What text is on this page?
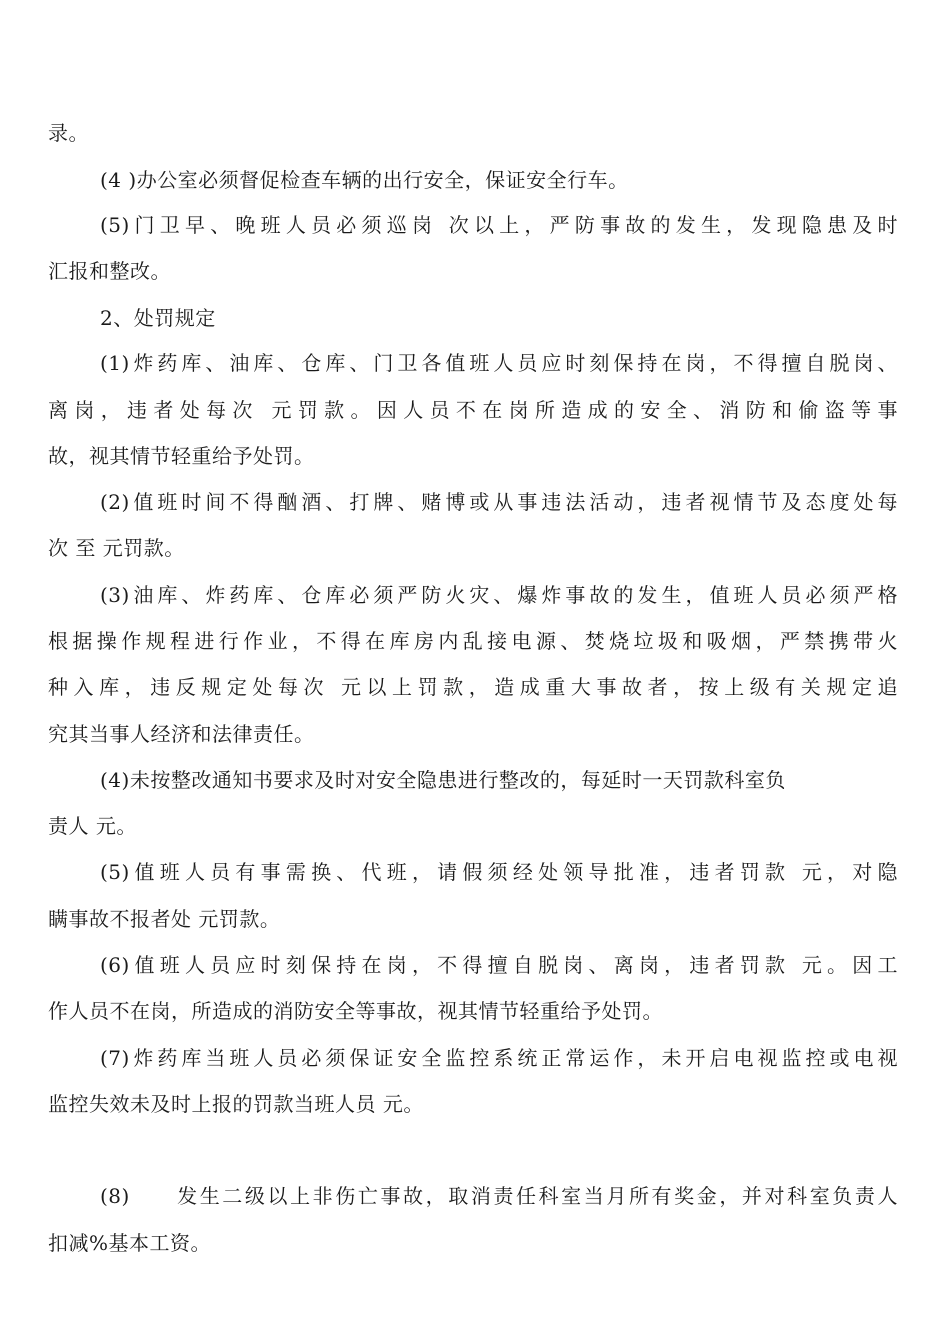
录。
(4 )办公室必须督促检查车辆的出行安全，保证安全行车。
(5)门卫早、晚班人员必须巡岗 次以上，严防事故的发生，发现隐患及时
汇报和整改。
2、处罚规定
(1)炸药库、油库、仓库、门卫各值班人员应时刻保持在岗，不得擅自脱岗、
离岗，违者处每次 元罚款。因人员不在岗所造成的安全、消防和偷盗等事
故，视其情节轻重给予处罚。
(2)值班时间不得酗酒、打牌、赌博或从事违法活动，违者视情节及态度处每
次 至 元罚款。
(3)油库、炸药库、仓库必须严防火灾、爆炸事故的发生，值班人员必须严格
根据操作规程进行作业，不得在库房内乱接电源、焚烧垃圾和吸烟，严禁携带火
种入库，违反规定处每次 元以上罚款，造成重大事故者，按上级有关规定追
究其当事人经济和法律责任。
(4)未按整改通知书要求及时对安全隐患进行整改的，每延时一天罚款科室负
责人 元。
(5)值班人员有事需换、代班，请假须经处领导批准，违者罚款 元，对隐
瞒事故不报者处 元罚款。
(6)值班人员应时刻保持在岗，不得擅自脱岗、离岗，违者罚款 元。因工
作人员不在岗，所造成的消防安全等事故，视其情节轻重给予处罚。
(7)炸药库当班人员必须保证安全监控系统正常运作，未开启电视监控或电视
监控失效未及时上报的罚款当班人员 元。
(8)　　发生二级以上非伤亡事故，取消责任科室当月所有奖金，并对科室负责人
扣减%基本工资。
